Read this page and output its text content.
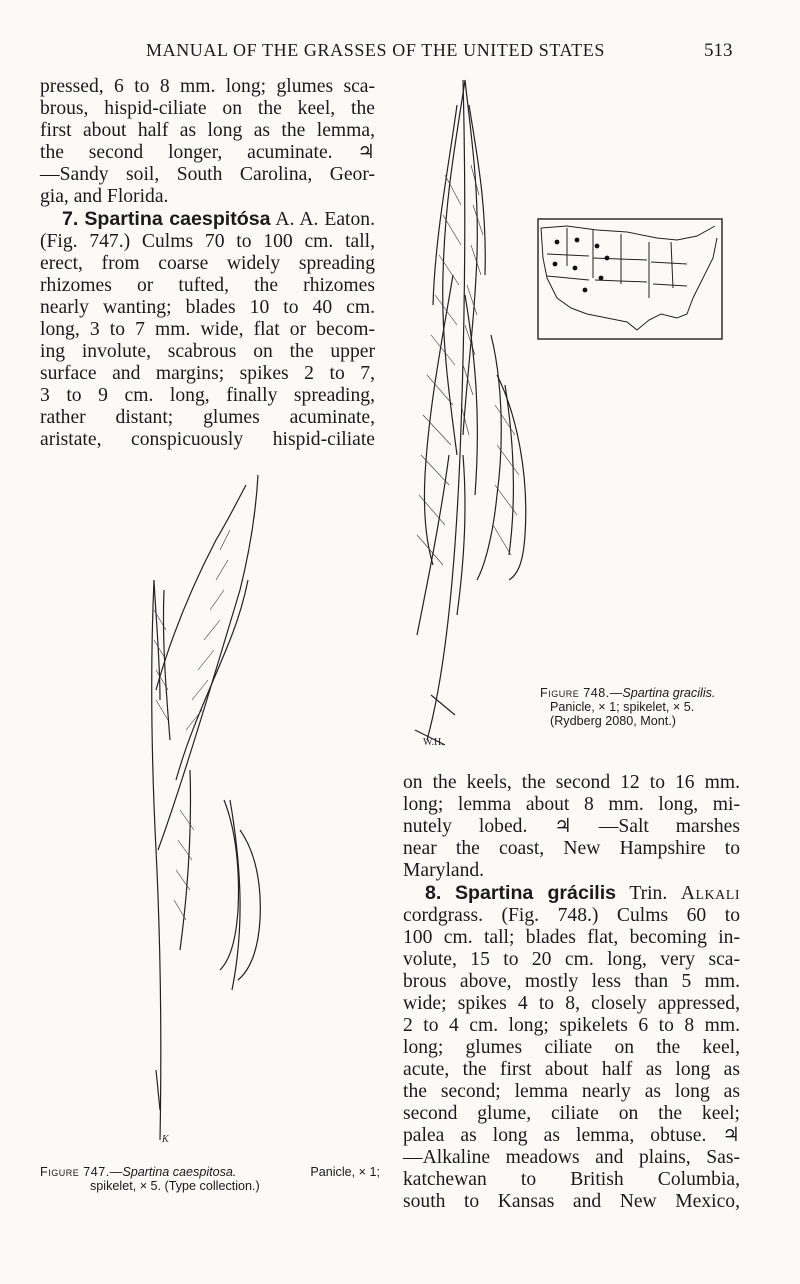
MANUAL OF THE GRASSES OF THE UNITED STATES	513
pressed, 6 to 8 mm. long; glumes sca-
brous, hispid-ciliate on the keel, the
first about half as long as the lemma,
the second longer, acuminate. ♃
—Sandy soil, South Carolina, Geor-
gia, and Florida.
7. Spartina caespitósa A. A. Eaton.
(Fig. 747.) Culms 70 to 100 cm. tall,
erect, from coarse widely spreading
rhizomes or tufted, the rhizomes
nearly wanting; blades 10 to 40 cm.
long, 3 to 7 mm. wide, flat or becom-
ing involute, scabrous on the upper
surface and margins; spikes 2 to 7,
3 to 9 cm. long, finally spreading,
rather distant; glumes acuminate,
aristate, conspicuously hispid-ciliate
W.H.
Figure 748.—Spartina gracilis.
Panicle, × 1; spikelet, × 5.
(Rydberg 2080, Mont.)
K
Figure 747.—Spartina caespitosa.	Panicle, × 1;
spikelet, × 5. (Type collection.)
on the keels, the second 12 to 16 mm.
long; lemma about 8 mm. long, mi-
nutely lobed. ♃ —Salt marshes
near the coast, New Hampshire to
Maryland.
8. Spartina grácilis Trin. Alkali
cordgrass. (Fig. 748.) Culms 60 to
100 cm. tall; blades flat, becoming in-
volute, 15 to 20 cm. long, very sca-
brous above, mostly less than 5 mm.
wide; spikes 4 to 8, closely appressed,
2 to 4 cm. long; spikelets 6 to 8 mm.
long; glumes ciliate on the keel,
acute, the first about half as long as
the second; lemma nearly as long as
second glume, ciliate on the keel;
palea as long as lemma, obtuse. ♃
—Alkaline meadows and plains, Sas-
katchewan to British Columbia,
south to Kansas and New Mexico,
